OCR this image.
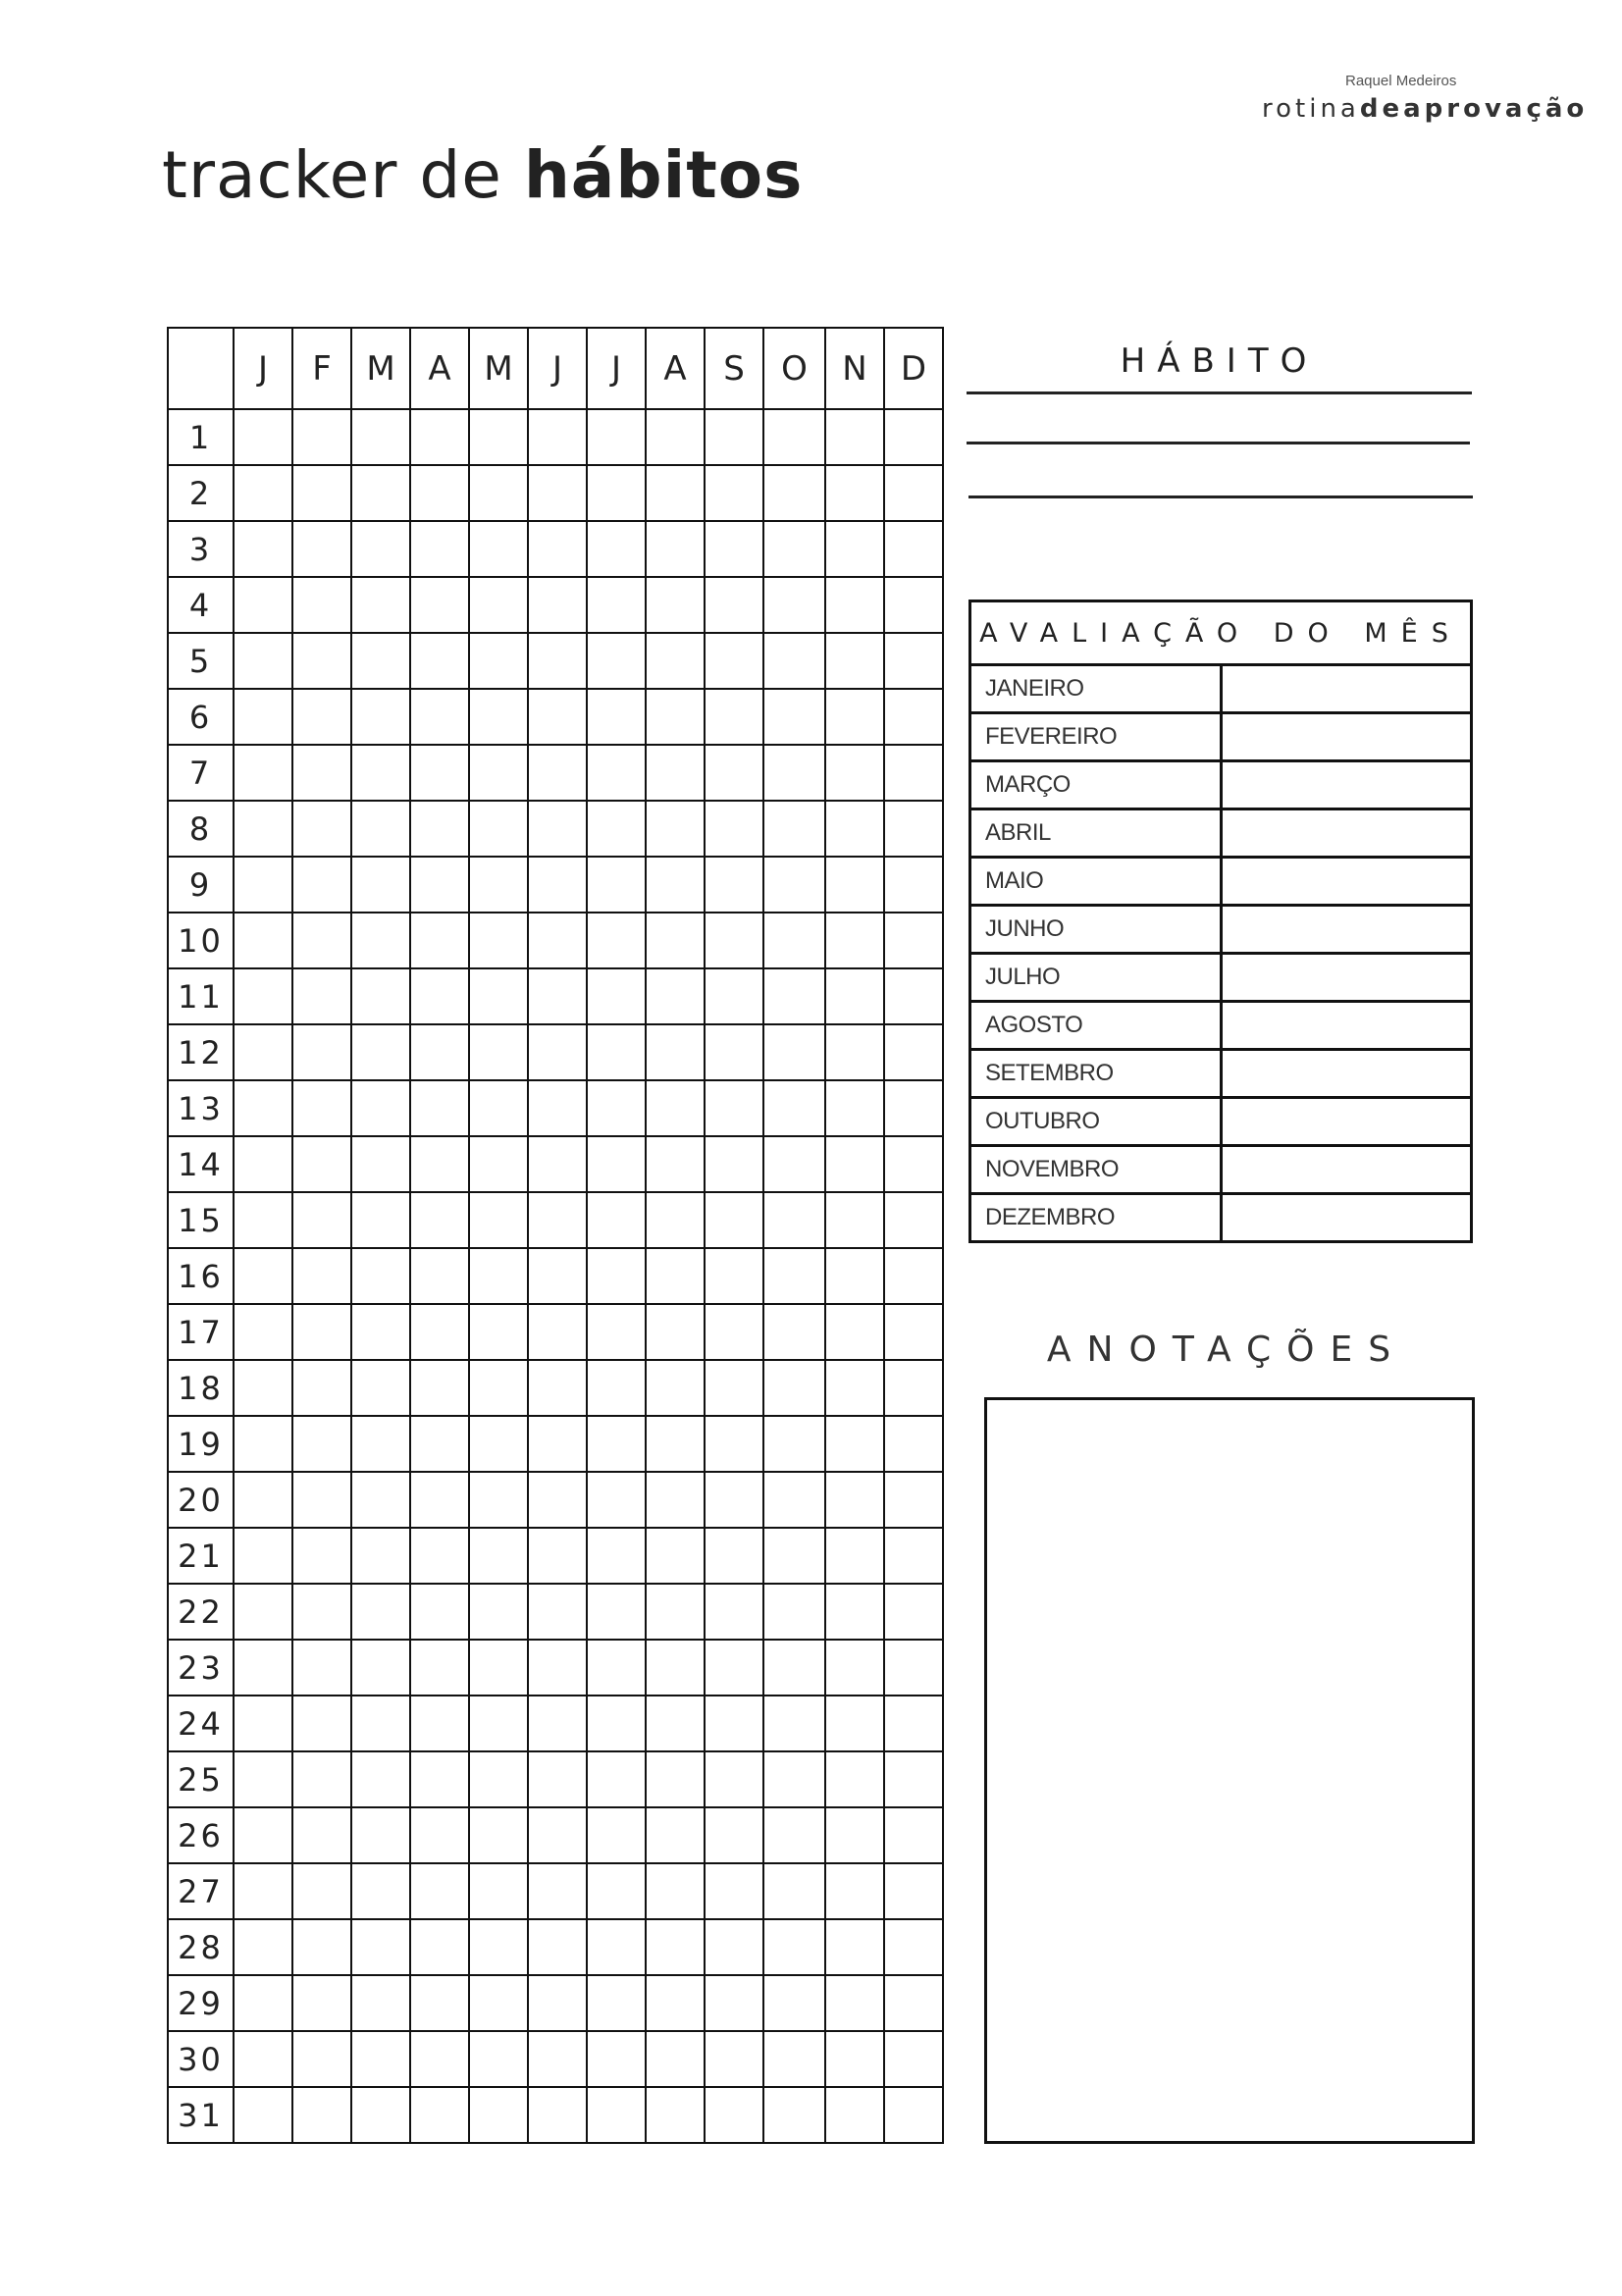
Raquel Medeiros
rotinadeaprovação
tracker de hábitos
	J	F	M	A	M	J	J	A	S	O	N	D
1												
2												
3												
4												
5												
6												
7												
8												
9												
10												
11												
12												
13												
14												
15												
16												
17												
18												
19												
20												
21												
22												
23												
24												
25												
26												
27												
28												
29												
30												
31												
HÁBITO
AVALIAÇÃO DO MÊS	
JANEIRO	
FEVEREIRO	
MARÇO	
ABRIL	
MAIO	
JUNHO	
JULHO	
AGOSTO	
SETEMBRO	
OUTUBRO	
NOVEMBRO	
DEZEMBRO	
ANOTAÇÕES
